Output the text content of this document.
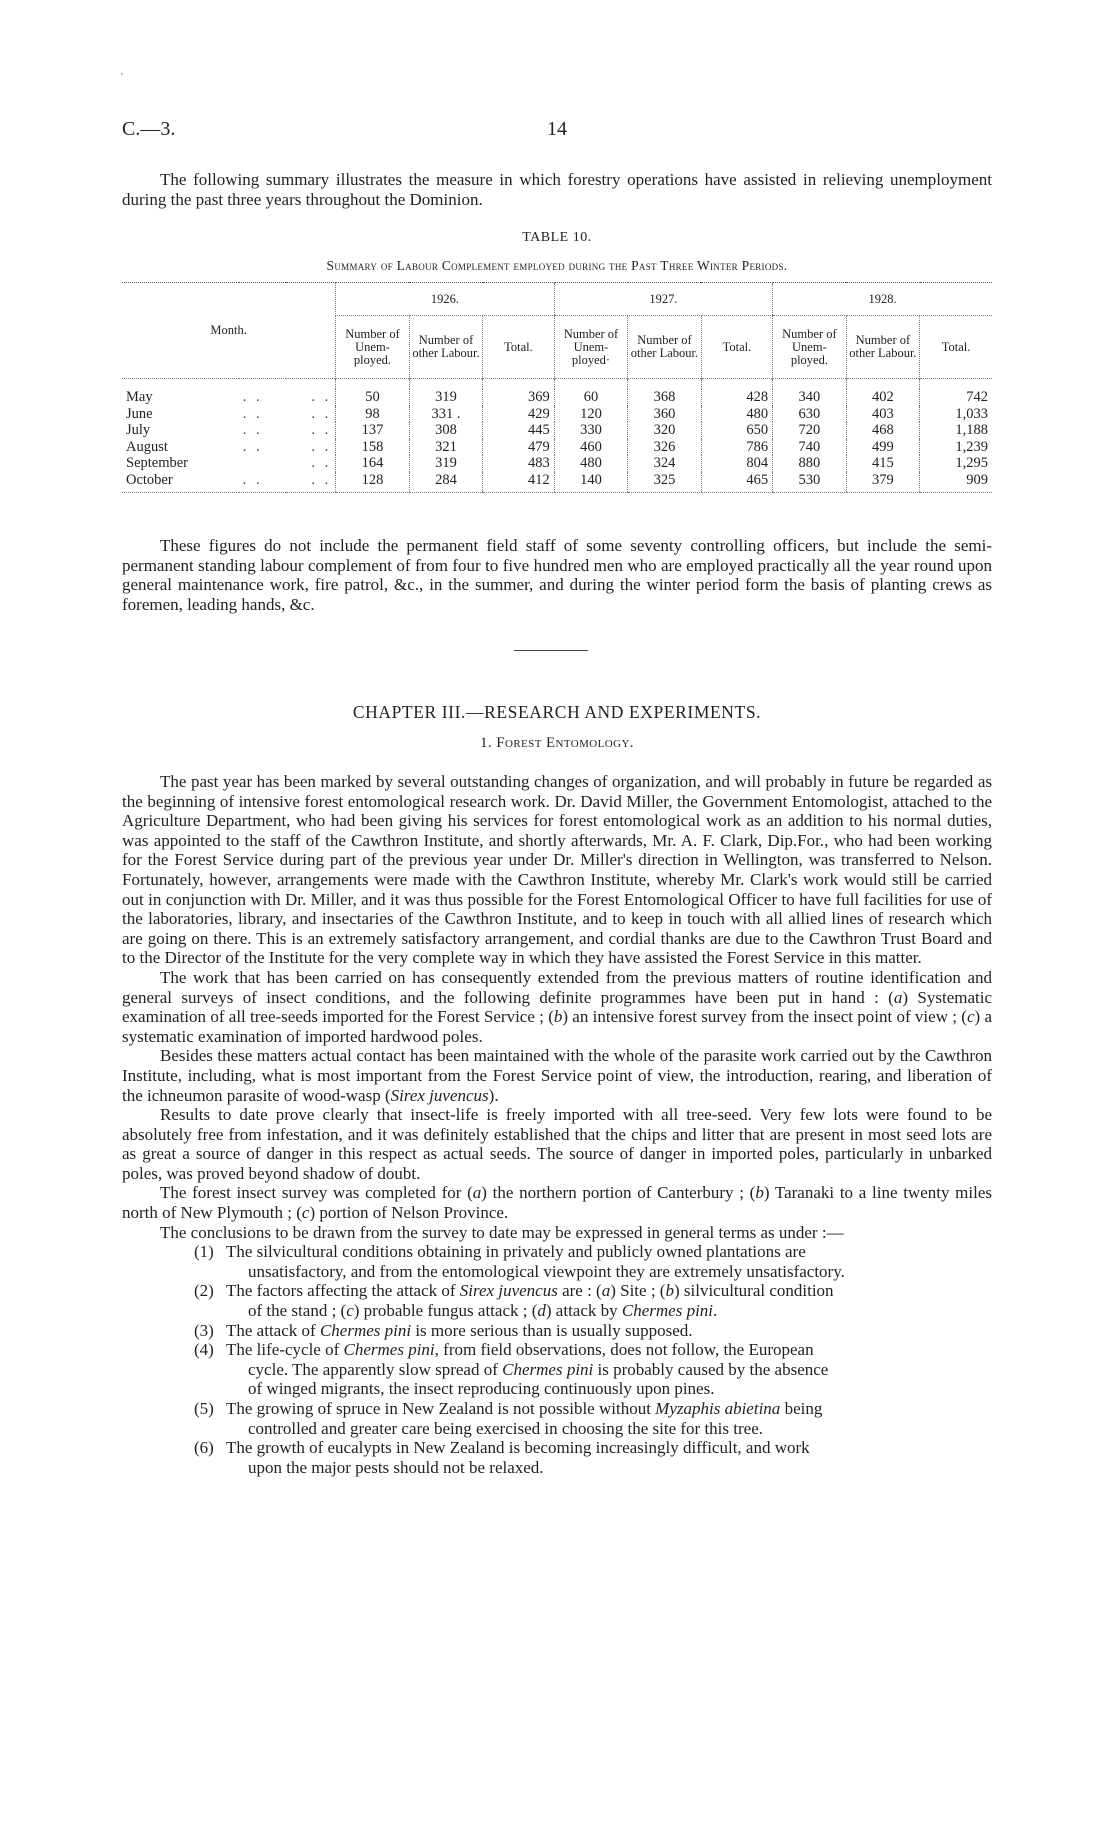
'
C.—3.	14

The following summary illustrates the measure in which forestry operations have assisted in relieving unemployment during the past three years throughout the Dominion.

TABLE 10.
Summary of Labour Complement employed during the Past Three Winter Periods.
Month.			1926.			1927.			1928.		
			Number of Unem- ployed.	Number of other Labour.	Total.	Number of Unem- ployed·	Number of other Labour.	Total.	Number of Unem- ployed.	Number of other Labour.	Total.

May	. .	. .	50	319	369	60	368	428	340	402	742
June	. .	. .	98	331 .	429	120	360	480	630	403	1,033
July	. .	. .	137	308	445	330	320	650	720	468	1,188
August	. .	. .	158	321	479	460	326	786	740	499	1,239
September		. .	164	319	483	480	324	804	880	415	1,295
October	. .	. .	128	284	412	140	325	465	530	379	909

These figures do not include the permanent field staff of some seventy controlling officers, but include the semi-permanent standing labour complement of from four to five hundred men who are employed practically all the year round upon general maintenance work, fire patrol, &c., in the summer, and during the winter period form the basis of planting crews as foremen, leading hands, &c.

CHAPTER III.—RESEARCH AND EXPERIMENTS.
1. Forest Entomology.

The past year has been marked by several outstanding changes of organization, and will probably in future be regarded as the beginning of intensive forest entomological research work. Dr. David Miller, the Government Entomologist, attached to the Agriculture Department, who had been giving his services for forest entomological work as an addition to his normal duties, was appointed to the staff of the Cawthron Institute, and shortly afterwards, Mr. A. F. Clark, Dip.For., who had been working for the Forest Service during part of the previous year under Dr. Miller's direction in Wellington, was transferred to Nelson. Fortunately, however, arrangements were made with the Cawthron Institute, whereby Mr. Clark's work would still be carried out in conjunction with Dr. Miller, and it was thus possible for the Forest Entomological Officer to have full facilities for use of the laboratories, library, and insectaries of the Cawthron Institute, and to keep in touch with all allied lines of research which are going on there. This is an extremely satisfactory arrangement, and cordial thanks are due to the Cawthron Trust Board and to the Director of the Institute for the very complete way in which they have assisted the Forest Service in this matter.

The work that has been carried on has consequently extended from the previous matters of routine identification and general surveys of insect conditions, and the following definite programmes have been put in hand : (a) Systematic examination of all tree-seeds imported for the Forest Service ; (b) an intensive forest survey from the insect point of view ; (c) a systematic examination of imported hardwood poles.

Besides these matters actual contact has been maintained with the whole of the parasite work carried out by the Cawthron Institute, including, what is most important from the Forest Service point of view, the introduction, rearing, and liberation of the ichneumon parasite of wood-wasp (Sirex juvencus).

Results to date prove clearly that insect-life is freely imported with all tree-seed. Very few lots were found to be absolutely free from infestation, and it was definitely established that the chips and litter that are present in most seed lots are as great a source of danger in this respect as actual seeds. The source of danger in imported poles, particularly in unbarked poles, was proved beyond shadow of doubt.

The forest insect survey was completed for (a) the northern portion of Canterbury ; (b) Taranaki to a line twenty miles north of New Plymouth ; (c) portion of Nelson Province.

The conclusions to be drawn from the survey to date may be expressed in general terms as under :—

(1) The silvicultural conditions obtaining in privately and publicly owned plantations are
unsatisfactory, and from the entomological viewpoint they are extremely unsatisfactory.
(2) The factors affecting the attack of Sirex juvencus are : (a) Site ; (b) silvicultural condition
of the stand ; (c) probable fungus attack ; (d) attack by Chermes pini.
(3) The attack of Chermes pini is more serious than is usually supposed.
(4) The life-cycle of Chermes pini, from field observations, does not follow, the European
cycle. The apparently slow spread of Chermes pini is probably caused by the absence
of winged migrants, the insect reproducing continuously upon pines.
(5) The growing of spruce in New Zealand is not possible without Myzaphis abietina being
controlled and greater care being exercised in choosing the site for this tree.
(6) The growth of eucalypts in New Zealand is becoming increasingly difficult, and work
upon the major pests should not be relaxed.
